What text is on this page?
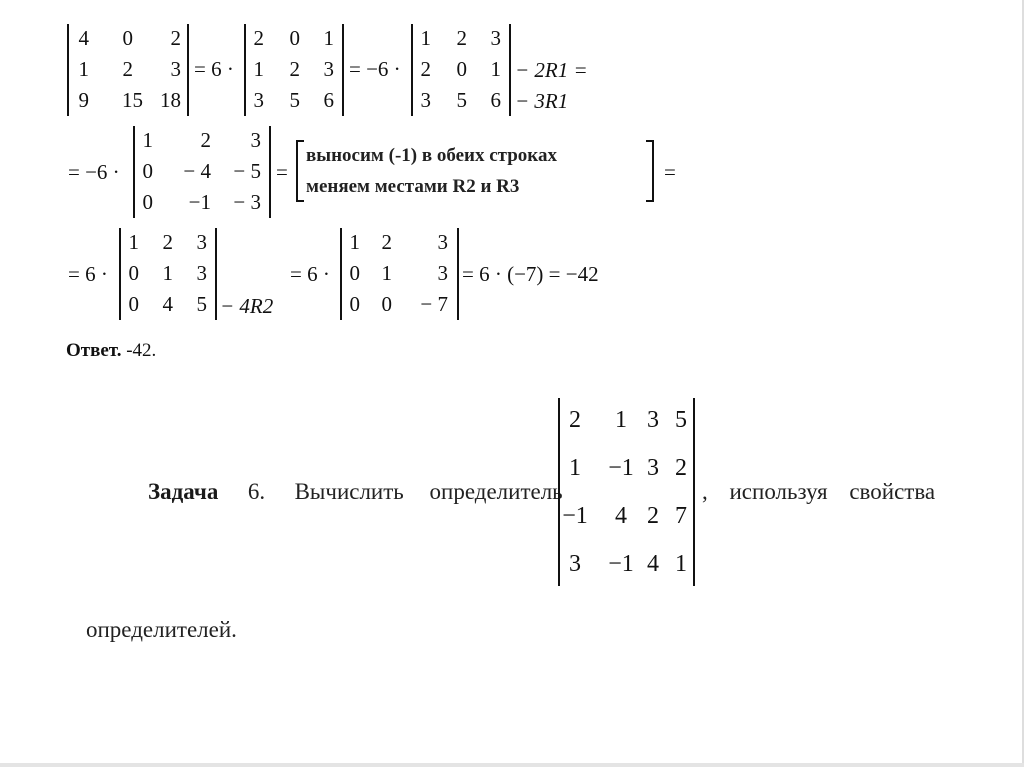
4	0	2
1	2	3
9	15 18
= 6 ·
2 0 1
1 2 3
3 5 6
= −6 ·
1 2 3
2 0 1
3 5 6
− 2R1 =
− 3R1
= −6 ·
1	2	3
0	− 4	− 5
0	−1	− 3
=
выносим (-1) в обеих строках
меняем местами R2 и R3
=
= 6 ·
1 2 3
0 1 3
0 4 5 − 4R2
= 6 ·
1 2	3
0 1	3
0 0	− 7
= 6 · (−7) = −42
Ответ. -42.
Задача 6. Вычислить определитель
2	1 3 5
1 −1 3 2
−1	4 2 7
3 −1 4 1
, используя свойства
определителей.
